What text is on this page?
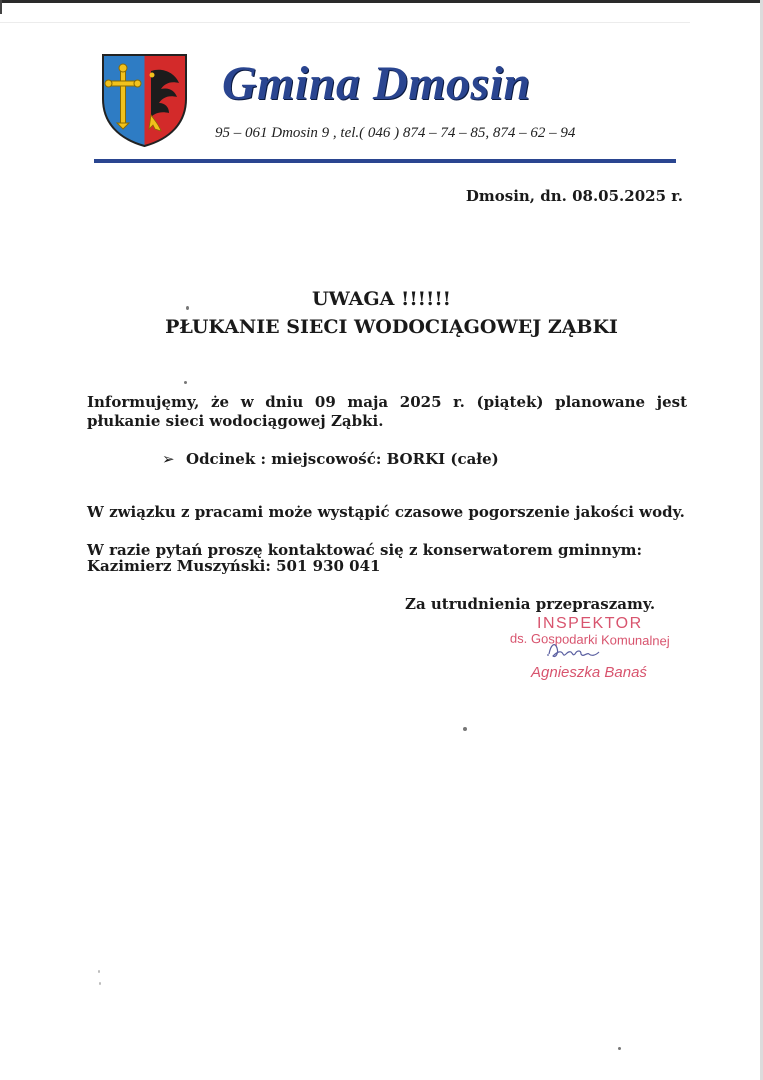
Gmina Dmosin
95 – 061 Dmosin 9 , tel.( 046 ) 874 – 74 – 85, 874 – 62 – 94
Dmosin, dn. 08.05.2025 r.
UWAGA !!!!!!
PŁUKANIE SIECI WODOCIĄGOWEJ ZĄBKI
Informujęmy, że w dniu 09 maja 2025 r. (piątek) planowane jest płukanie sieci wodociągowej Ząbki.
➢ Odcinek : miejscowość: BORKI (całe)
W związku z pracami może wystąpić czasowe pogorszenie jakości wody.
W razie pytań proszę kontaktować się z konserwatorem gminnym:
Kazimierz Muszyński: 501 930 041
Za utrudnienia przepraszamy.
INSPEKTOR
ds. Gospodarki Komunalnej
Agnieszka Banaś
